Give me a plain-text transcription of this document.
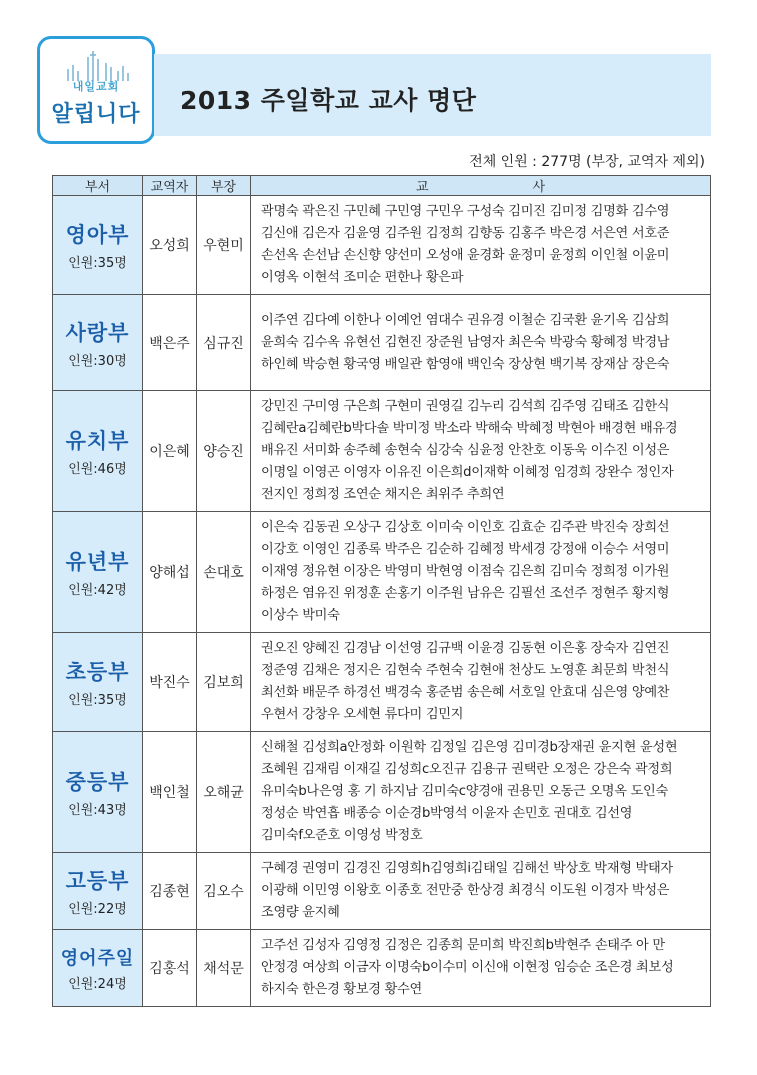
내일교회
알립니다	2013 주일학교 교사 명단
전체 인원 : 277명 (부장, 교역자 제외)
부서	교역자	부장	교　　　　　　　　사

영아부
인원:35명	오성희	우현미	곽명숙 곽은진 구민혜 구민영 구민우 구성숙 김미진 김미정 김명화 김수영 김신애 김은자 김윤영 김주원 김정희 김향동 김홍주 박은경 서은연 서호준 손선옥 손선남 손신향 양선미 오성애 윤경화 윤정미 윤정희 이인철 이윤미 이영옥 이현석 조미순 편한나 황은파

사랑부
인원:30명	백은주	심규진	이주연 김다예 이한나 이예언 염대수 권유경 이철순 김국환 윤기옥 김삼희 윤희숙 김수옥 유현선 김현진 장준원 남영자 최은숙 박광숙 황혜정 박경남 하인혜 박승현 황국영 배일관 함영애 백인숙 장상현 백기복 장재삼 장은숙

유치부
인원:46명	이은혜	양승진	강민진 구미영 구은희 구현미 권영길 김누리 김석희 김주영 김태조 김한식 김혜란a김혜란b박다솔 박미정 박소라 박해숙 박혜정 박현아 배경현 배유경 배유진 서미화 송주혜 송현숙 심강숙 심윤정 안찬호 이동욱 이수진 이성은 이명일 이영곤 이영자 이유진 이은희d이재학 이혜정 임경희 장완수 정인자 전지인 정희정 조연순 채지은 최위주 추희연

유년부
인원:42명	양해섭	손대호	이은숙 김동권 오상구 김상호 이미숙 이인호 김효순 김주관 박진숙 장희선 이강호 이영인 김종록 박주은 김순하 김혜정 박세경 강정애 이승수 서영미 이재영 정유현 이장은 박영미 박현영 이점숙 김은희 김미숙 정희정 이가원 하정은 염유진 위정훈 손홍기 이주원 남유은 김필선 조선주 정현주 황지형 이상수 박미숙

초등부
인원:35명	박진수	김보희	권오진 양혜진 김경남 이선영 김규백 이윤경 김동현 이은홍 장숙자 김연진 정준영 김채은 정지은 김현숙 주현숙 김현애 천상도 노영훈 최문희 박천식 최선화 배문주 하경선 백경숙 홍준범 송은혜 서호일 안효대 심은영 양예찬 우현서 강창우 오세현 류다미 김민지

중등부
인원:43명	백인철	오해균	신해철 김성희a안정화 이원학 김정일 김은영 김미경b장재권 윤지현 윤성현 조혜원 김재림 이재길 김성희c오진규 김용규 권택란 오정은 강은숙 곽정희 유미숙b나은영 홍 기 하지남 김미숙c양경애 권용민 오동근 오명옥 도인숙 정성순 박연흡 배종승 이순경b박영석 이윤자 손민호 권대호 김선영 김미숙f오준호 이영성 박정호

고등부
인원:22명	김종현	김오수	구혜경 권영미 김경진 김영희h김영희i김태일 김해선 박상호 박재형 박태자 이광해 이민영 이왕호 이종호 전만중 한상경 최경식 이도원 이경자 박성은 조영량 윤지혜

영어주일
인원:24명	김홍석	채석문	고주선 김성자 김영정 김정은 김종희 문미희 박진희b박현주 손태주 아 만 안정경 여상희 이금자 이명숙b이수미 이신애 이현정 임승순 조은경 최보성 하지숙 한은경 황보경 황수연
